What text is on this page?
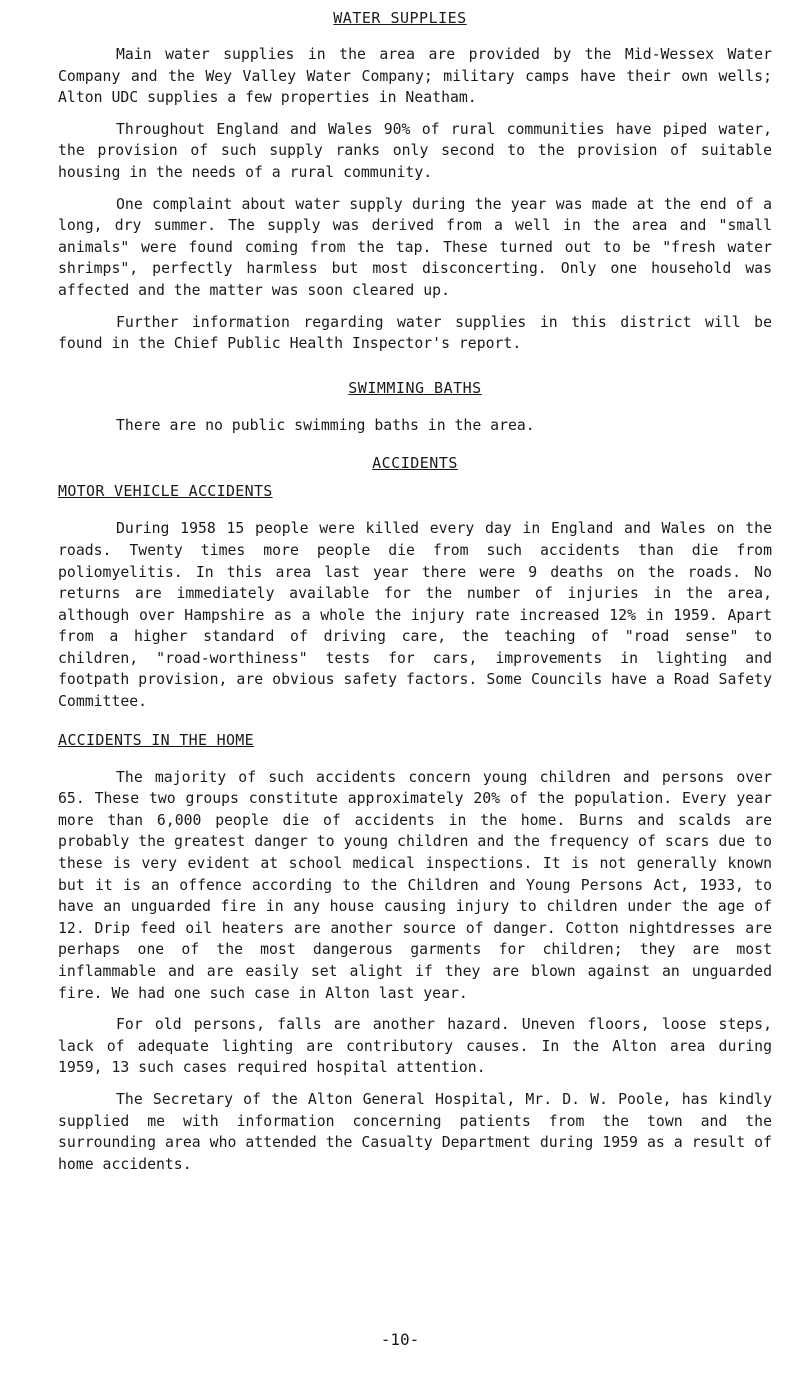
WATER SUPPLIES

Main water supplies in the area are provided by the Mid-Wessex Water Company and the Wey Valley Water Company; military camps have their own wells; Alton UDC supplies a few properties in Neatham.

Throughout England and Wales 90% of rural communities have piped water, the provision of such supply ranks only second to the provision of suitable housing in the needs of a rural community.

One complaint about water supply during the year was made at the end of a long, dry summer. The supply was derived from a well in the area and "small animals" were found coming from the tap. These turned out to be "fresh water shrimps", perfectly harmless but most disconcerting. Only one household was affected and the matter was soon cleared up.

Further information regarding water supplies in this district will be found in the Chief Public Health Inspector's report.

SWIMMING BATHS

There are no public swimming baths in the area.

ACCIDENTS
MOTOR VEHICLE ACCIDENTS

During 1958 15 people were killed every day in England and Wales on the roads. Twenty times more people die from such accidents than die from poliomyelitis. In this area last year there were 9 deaths on the roads. No returns are immediately available for the number of injuries in the area, although over Hampshire as a whole the injury rate increased 12% in 1959. Apart from a higher standard of driving care, the teaching of "road sense" to children, "road-worthiness" tests for cars, improvements in lighting and footpath provision, are obvious safety factors. Some Councils have a Road Safety Committee.

ACCIDENTS IN THE HOME

The majority of such accidents concern young children and persons over 65. These two groups constitute approximately 20% of the population. Every year more than 6,000 people die of accidents in the home. Burns and scalds are probably the greatest danger to young children and the frequency of scars due to these is very evident at school medical inspections. It is not generally known but it is an offence according to the Children and Young Persons Act, 1933, to have an unguarded fire in any house causing injury to children under the age of 12. Drip feed oil heaters are another source of danger. Cotton nightdresses are perhaps one of the most dangerous garments for children; they are most inflammable and are easily set alight if they are blown against an unguarded fire. We had one such case in Alton last year.

For old persons, falls are another hazard. Uneven floors, loose steps, lack of adequate lighting are contributory causes. In the Alton area during 1959, 13 such cases required hospital attention.

The Secretary of the Alton General Hospital, Mr. D. W. Poole, has kindly supplied me with information concerning patients from the town and the surrounding area who attended the Casualty Department during 1959 as a result of home accidents.

-10-
